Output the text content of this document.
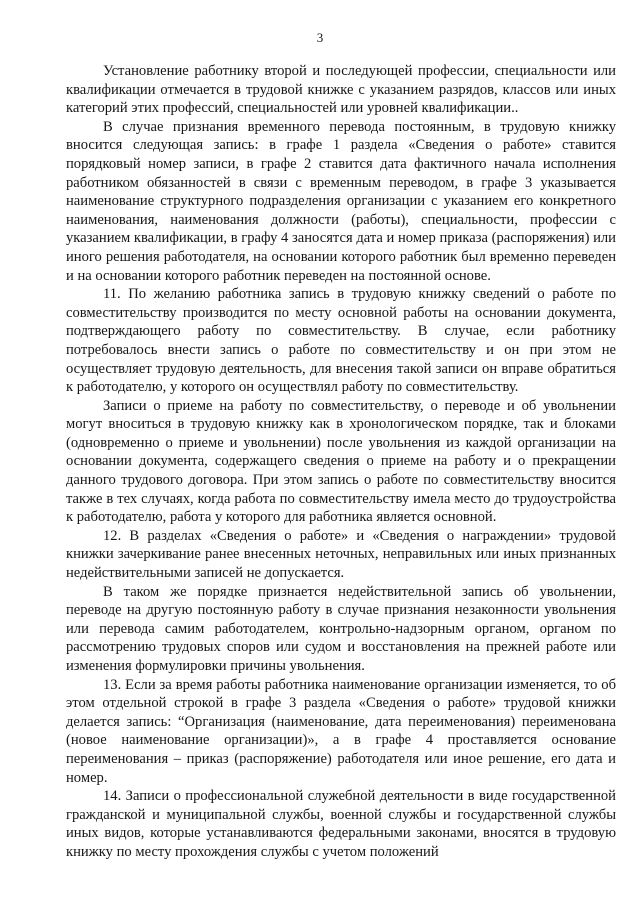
3

Установление работнику второй и последующей профессии, специальности или квалификации отмечается в трудовой книжке с указанием разрядов, классов или иных категорий этих профессий, специальностей или уровней квалификации..

В случае признания временного перевода постоянным, в трудовую книжку вносится следующая запись: в графе 1 раздела «Сведения о работе» ставится порядковый номер записи, в графе 2 ставится дата фактичного начала исполнения работником обязанностей в связи с временным переводом, в графе 3 указывается наименование структурного подразделения организации с указанием его конкретного наименования, наименования должности (работы), специальности, профессии с указанием квалификации, в графу 4 заносятся дата и номер приказа (распоряжения) или иного решения работодателя, на основании которого работник был временно переведен и на основании которого работник переведен на постоянной основе.

11. По желанию работника запись в трудовую книжку сведений о работе по совместительству производится по месту основной работы на основании документа, подтверждающего работу по совместительству. В случае, если работнику потребовалось внести запись о работе по совместительству и он при этом не осуществляет трудовую деятельность, для внесения такой записи он вправе обратиться к работодателю, у которого он осуществлял работу по совместительству.

Записи о приеме на работу по совместительству, о переводе и об увольнении могут вноситься в трудовую книжку как в хронологическом порядке, так и блоками (одновременно о приеме и увольнении) после увольнения из каждой организации на основании документа, содержащего сведения о приеме на работу и о прекращении данного трудового договора. При этом запись о работе по совместительству вносится также в тех случаях, когда работа по совместительству имела место до трудоустройства к работодателю, работа у которого для работника является основной.

12. В разделах «Сведения о работе» и «Сведения о награждении» трудовой книжки зачеркивание ранее внесенных неточных, неправильных или иных признанных недействительными записей не допускается.

В таком же порядке признается недействительной запись об увольнении, переводе на другую постоянную работу в случае признания незаконности увольнения или перевода самим работодателем, контрольно-надзорным органом, органом по рассмотрению трудовых споров или судом и восстановления на прежней работе или изменения формулировки причины увольнения.

13. Если за время работы работника наименование организации изменяется, то об этом отдельной строкой в графе 3 раздела «Сведения о работе» трудовой книжки делается запись: “Организация (наименование, дата переименования) переименована (новое наименование организации)», а в графе 4 проставляется основание переименования – приказ (распоряжение) работодателя или иное решение, его дата и номер.

14. Записи о профессиональной служебной деятельности в виде государственной гражданской и муниципальной службы, военной службы и государственной службы иных видов, которые устанавливаются федеральными законами, вносятся в трудовую книжку по месту прохождения службы с учетом положений
